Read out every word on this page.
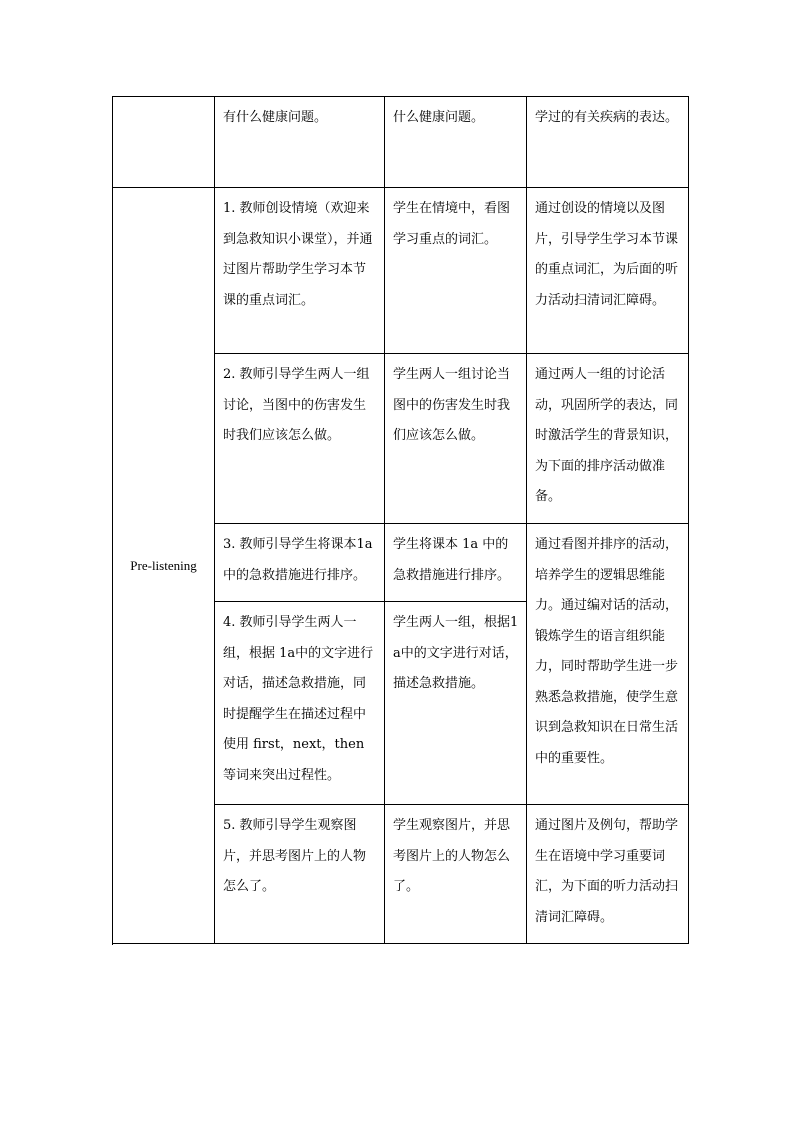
	有什么健康问题。	什么健康问题。	学过的有关疾病的表达。

Pre-listening	1. 教师创设情境（欢迎来到急救知识小课堂），并通过图片帮助学生学习本节课的重点词汇。	学生在情境中，看图学习重点的词汇。	通过创设的情境以及图片，引导学生学习本节课的重点词汇，为后面的听力活动扫清词汇障碍。

	2. 教师引导学生两人一组讨论，当图中的伤害发生时我们应该怎么做。	学生两人一组讨论当图中的伤害发生时我们应该怎么做。	通过两人一组的讨论活动，巩固所学的表达，同时激活学生的背景知识，为下面的排序活动做准备。

	3. 教师引导学生将课本1a中的急救措施进行排序。	学生将课本 1a 中的急救措施进行排序。	通过看图并排序的活动，培养学生的逻辑思维能力。通过编对话的活动，锻炼学生的语言组织能力，同时帮助学生进一步熟悉急救措施，使学生意识到急救知识在日常生活中的重要性。

	4. 教师引导学生两人一组，根据 1a中的文字进行对话，描述急救措施，同时提醒学生在描述过程中使用 first，next，then 等词来突出过程性。	学生两人一组，根据1a中的文字进行对话，描述急救措施。	

	5. 教师引导学生观察图片，并思考图片上的人物怎么了。	学生观察图片，并思考图片上的人物怎么了。	通过图片及例句，帮助学生在语境中学习重要词汇，为下面的听力活动扫清词汇障碍。
